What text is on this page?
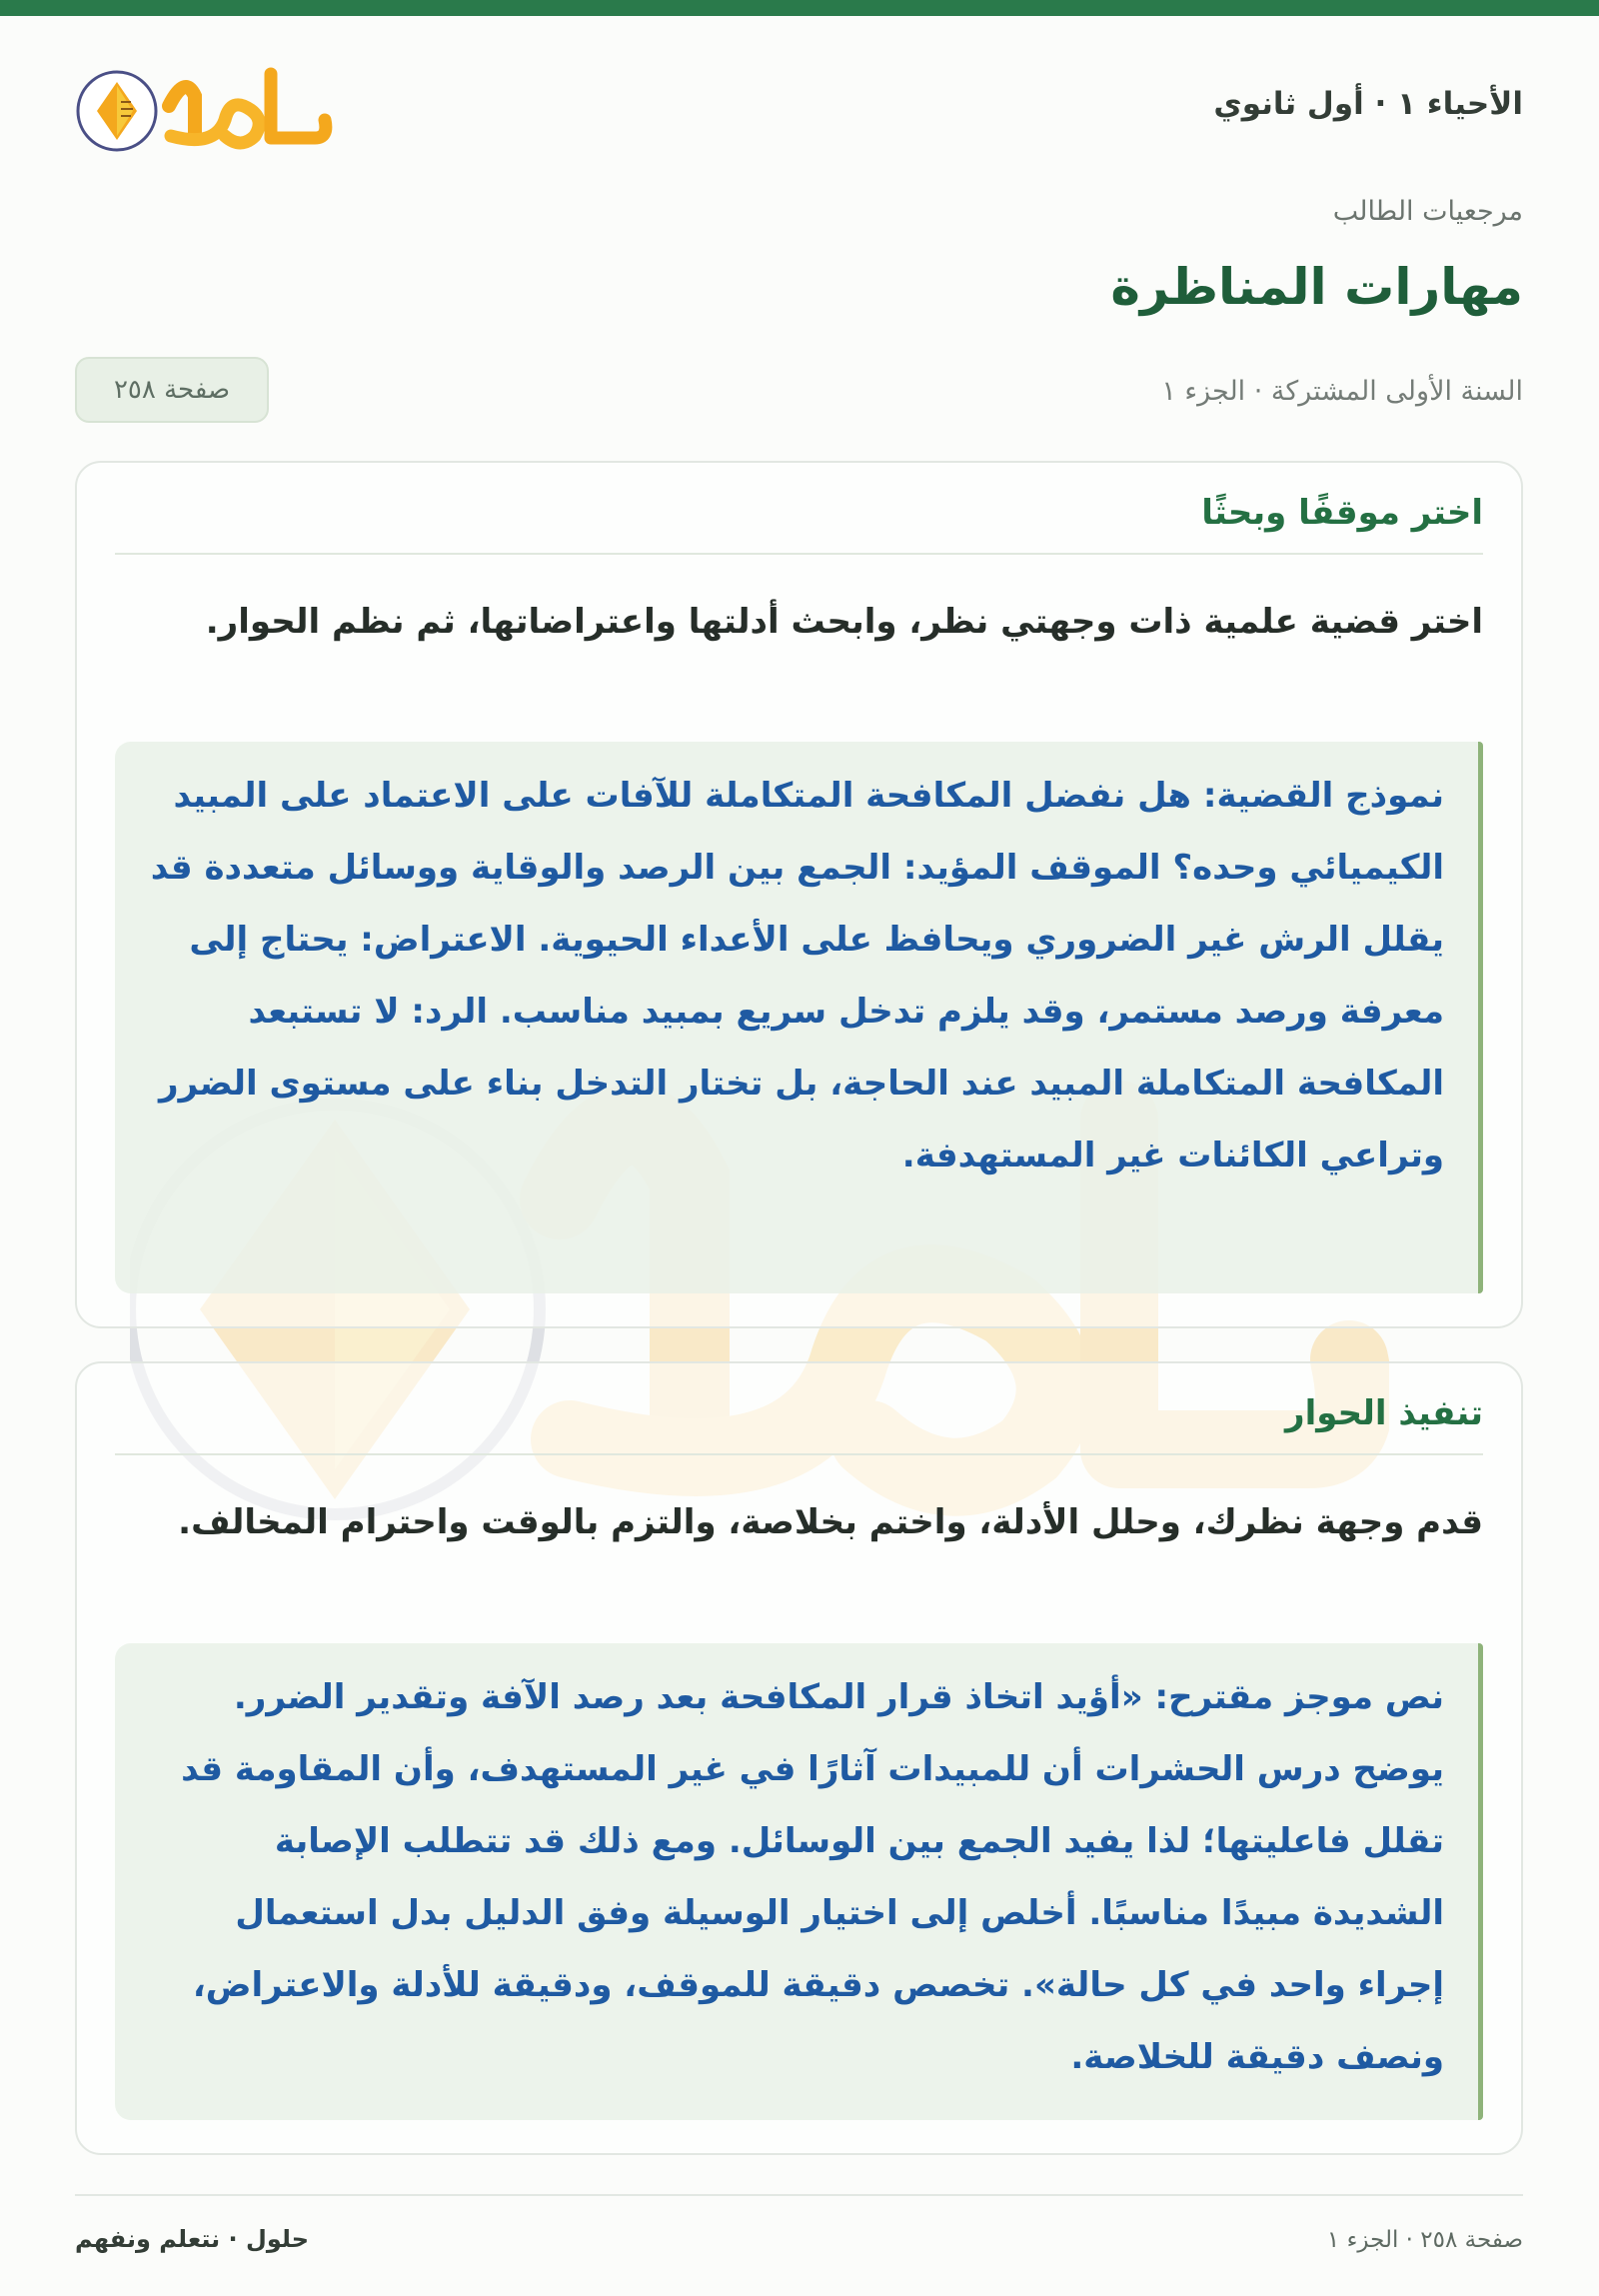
الأحياء ١ · أول ثانوي
مرجعيات الطالب
مهارات المناظرة
السنة الأولى المشتركة · الجزء ١
صفحة ٢٥٨
اختر موقفًا وبحثًا

اختر قضية علمية ذات وجهتي نظر، وابحث أدلتها واعتراضاتها، ثم نظم الحوار.

نموذج القضية: هل نفضل المكافحة المتكاملة للآفات على الاعتماد على المبيد الكيميائي وحده؟ الموقف المؤيد: الجمع بين الرصد والوقاية ووسائل متعددة قد يقلل الرش غير الضروري ويحافظ على الأعداء الحيوية. الاعتراض: يحتاج إلى معرفة ورصد مستمر، وقد يلزم تدخل سريع بمبيد مناسب. الرد: لا تستبعد المكافحة المتكاملة المبيد عند الحاجة، بل تختار التدخل بناء على مستوى الضرر وتراعي الكائنات غير المستهدفة.
تنفيذ الحوار

قدم وجهة نظرك، وحلل الأدلة، واختم بخلاصة، والتزم بالوقت واحترام المخالف.

نص موجز مقترح: «أؤيد اتخاذ قرار المكافحة بعد رصد الآفة وتقدير الضرر. يوضح درس الحشرات أن للمبيدات آثارًا في غير المستهدف، وأن المقاومة قد تقلل فاعليتها؛ لذا يفيد الجمع بين الوسائل. ومع ذلك قد تتطلب الإصابة الشديدة مبيدًا مناسبًا. أخلص إلى اختيار الوسيلة وفق الدليل بدل استعمال إجراء واحد في كل حالة». تخصص دقيقة للموقف، ودقيقة للأدلة والاعتراض، ونصف دقيقة للخلاصة.
حلول · نتعلم ونفهم	صفحة ٢٥٨ · الجزء ١
